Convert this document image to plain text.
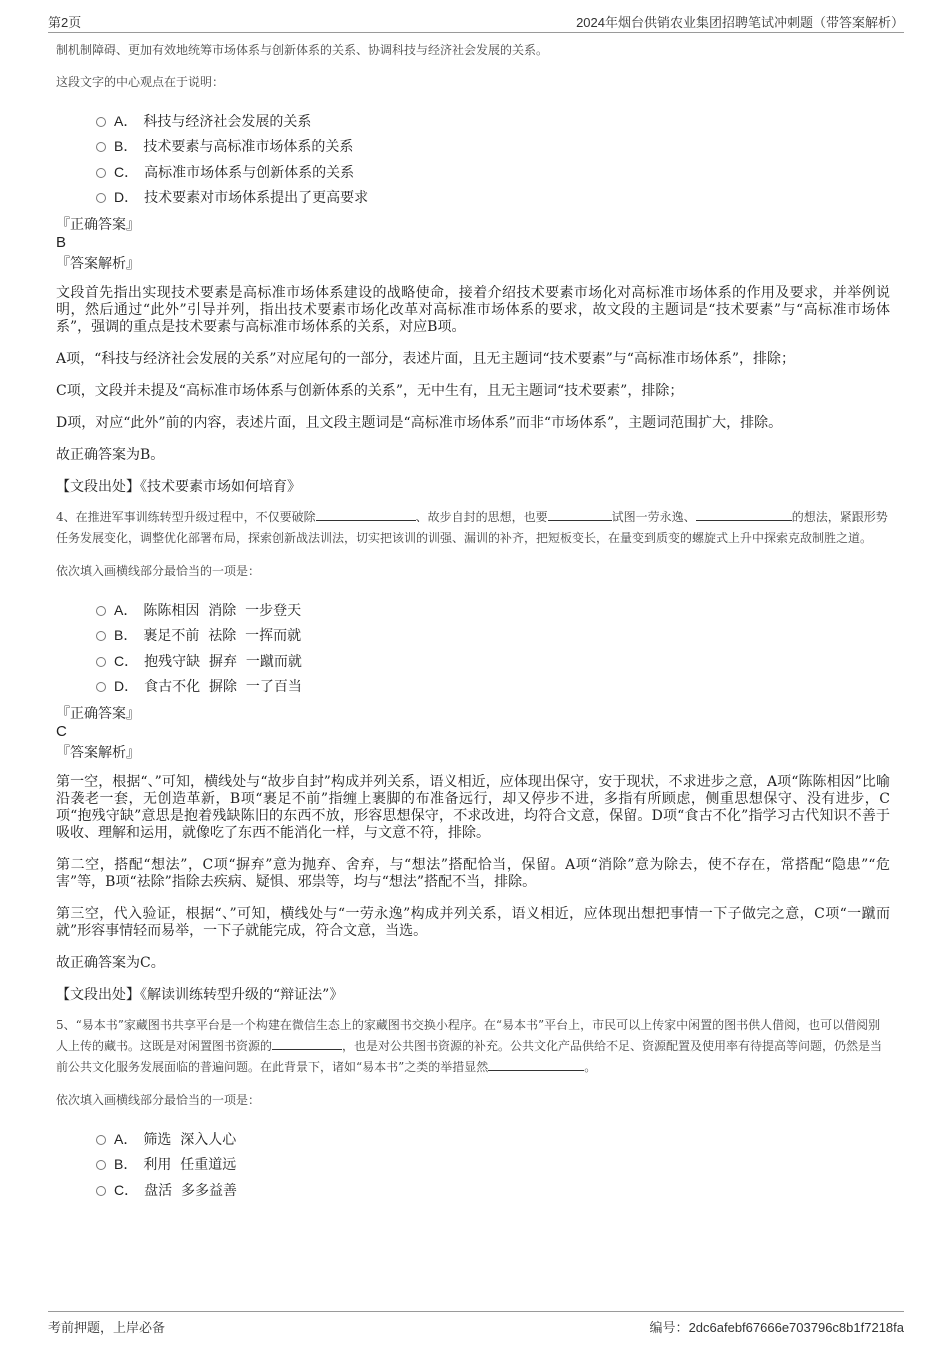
第2页	2024年烟台供销农业集团招聘笔试冲刺题（带答案解析）

制机制障碍、更加有效地统筹市场体系与创新体系的关系、协调科技与经济社会发展的关系。

这段文字的中心观点在于说明：

A． 科技与经济社会发展的关系
B． 技术要素与高标准市场体系的关系
C． 高标准市场体系与创新体系的关系
D． 技术要素对市场体系提出了更高要求

『正确答案』

B

『答案解析』

文段首先指出实现技术要素是高标准市场体系建设的战略使命，接着介绍技术要素市场化对高标准市场体系的作用及要求，并举例说明，然后通过“此外”引导并列，指出技术要素市场化改革对高标准市场体系的要求，故文段的主题词是“技术要素”与“高标准市场体系”，强调的重点是技术要素与高标准市场体系的关系，对应B项。

A项，“科技与经济社会发展的关系”对应尾句的一部分，表述片面，且无主题词“技术要素”与“高标准市场体系”，排除；

C项，文段并未提及“高标准市场体系与创新体系的关系”，无中生有，且无主题词“技术要素”，排除；

D项，对应“此外”前的内容，表述片面，且文段主题词是“高标准市场体系”而非“市场体系”，主题词范围扩大，排除。

故正确答案为B。

【文段出处】《技术要素市场如何培育》

4、在推进军事训练转型升级过程中，不仅要破除	、故步自封的思想，也要	试图一劳永逸、	的想法，紧跟形势任务发展变化，调整优化部署布局，探索创新战法训法，切实把该训的训强、漏训的补齐，把短板变长，在量变到质变的螺旋式上升中探索克敌制胜之道。

依次填入画横线部分最恰当的一项是：

A． 陈陈相因  消除  一步登天
B． 裹足不前  祛除  一挥而就
C． 抱残守缺  摒弃  一蹴而就
D． 食古不化  摒除  一了百当

『正确答案』

C

『答案解析』

第一空，根据“、”可知，横线处与“故步自封”构成并列关系，语义相近，应体现出保守，安于现状，不求进步之意，A项“陈陈相因”比喻沿袭老一套，无创造革新，B项“裹足不前”指缠上裹脚的布准备远行，却又停步不进，多指有所顾虑，侧重思想保守、没有进步，C项“抱残守缺”意思是抱着残缺陈旧的东西不放，形容思想保守，不求改进，均符合文意，保留。D项“食古不化”指学习古代知识不善于吸收、理解和运用，就像吃了东西不能消化一样，与文意不符，排除。

第二空，搭配“想法”，C项“摒弃”意为抛弃、舍弃，与“想法”搭配恰当，保留。A项“消除”意为除去，使不存在，常搭配“隐患”“危害”等，B项“祛除”指除去疾病、疑惧、邪祟等，均与“想法”搭配不当，排除。

第三空，代入验证，根据“、”可知，横线处与“一劳永逸”构成并列关系，语义相近，应体现出想把事情一下子做完之意，C项“一蹴而就”形容事情轻而易举，一下子就能完成，符合文意，当选。

故正确答案为C。

【文段出处】《解读训练转型升级的“辩证法”》

5、“易本书”家藏图书共享平台是一个构建在微信生态上的家藏图书交换小程序。在“易本书”平台上，市民可以上传家中闲置的图书供人借阅，也可以借阅别人上传的藏书。这既是对闲置图书资源的	，也是对公共图书资源的补充。公共文化产品供给不足、资源配置及使用率有待提高等问题，仍然是当前公共文化服务发展面临的普遍问题。在此背景下，诸如“易本书”之类的举措显然	。

依次填入画横线部分最恰当的一项是：

A． 筛选  深入人心
B． 利用  任重道远
C． 盘活  多多益善
考前押题，上岸必备	编号：2dc6afebf67666e703796c8b1f7218fa
